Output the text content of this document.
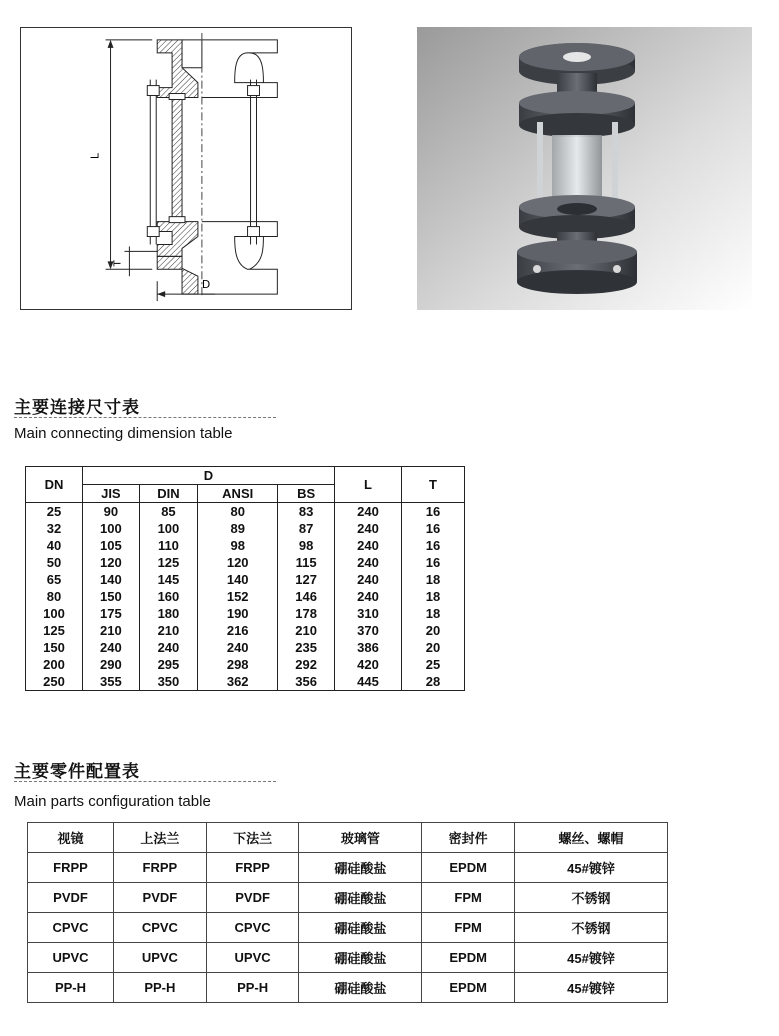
L
T
D
主要连接尺寸表
Main connecting dimension table
DN	D				L	T
	JIS	DIN	ANSI	BS		
25	90	85	80	83	240	16
32	100	100	89	87	240	16
40	105	110	98	98	240	16
50	120	125	120	115	240	16
65	140	145	140	127	240	18
80	150	160	152	146	240	18
100	175	180	190	178	310	18
125	210	210	216	210	370	20
150	240	240	240	235	386	20
200	290	295	298	292	420	25
250	355	350	362	356	445	28
主要零件配置表
Main parts configuration table
视镜	上法兰	下法兰	玻璃管	密封件	螺丝、螺帽
FRPP	FRPP	FRPP	硼硅酸盐	EPDM	45#镀锌
PVDF	PVDF	PVDF	硼硅酸盐	FPM	不锈钢
CPVC	CPVC	CPVC	硼硅酸盐	FPM	不锈钢
UPVC	UPVC	UPVC	硼硅酸盐	EPDM	45#镀锌
PP-H	PP-H	PP-H	硼硅酸盐	EPDM	45#镀锌
